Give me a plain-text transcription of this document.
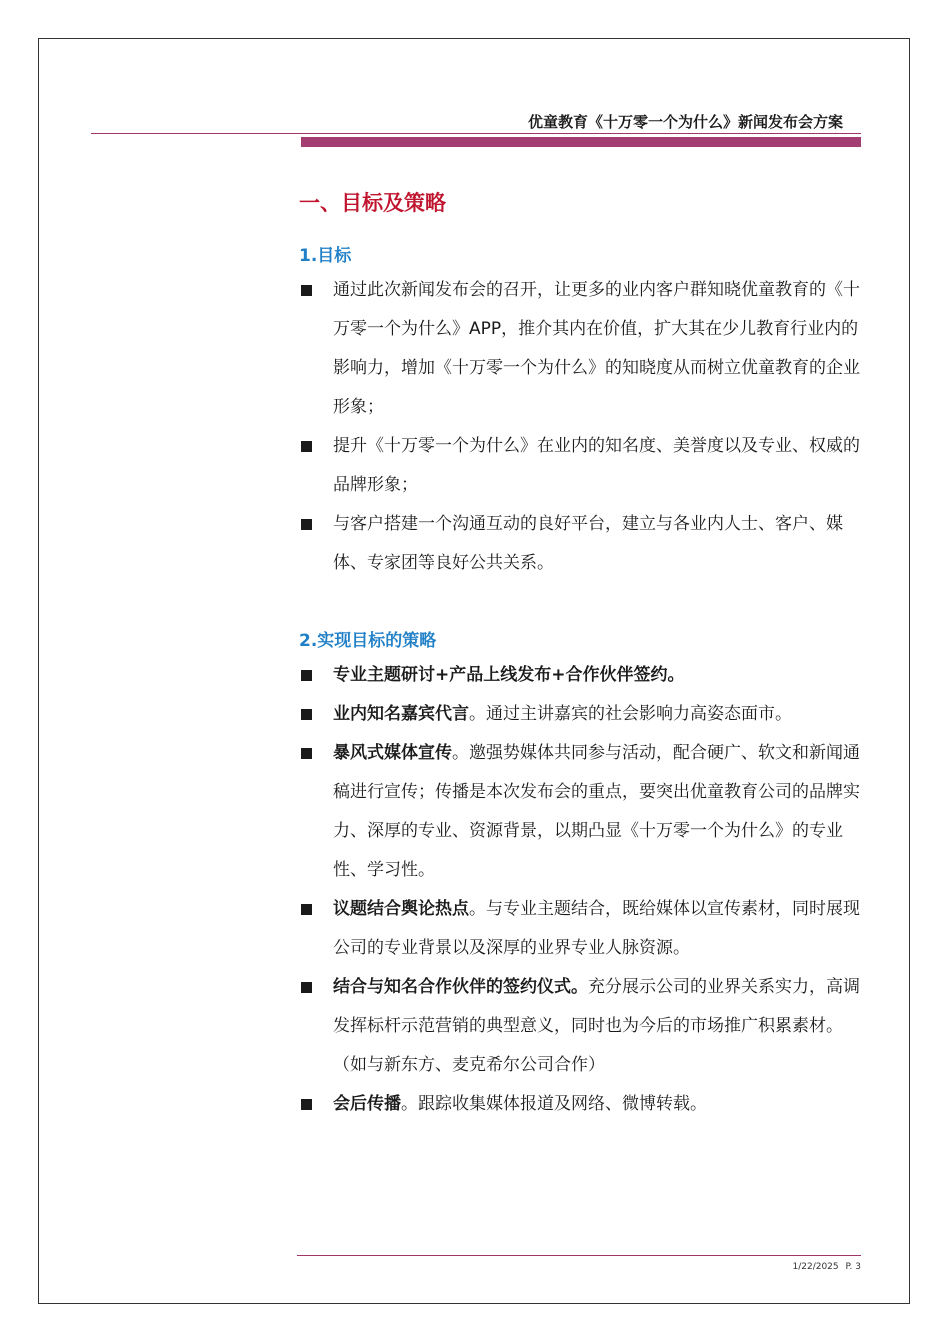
优童教育《十万零一个为什么》新闻发布会方案
一、目标及策略
1.目标
通过此次新闻发布会的召开，让更多的业内客户群知晓优童教育的《十万零一个为什么》APP，推介其内在价值，扩大其在少儿教育行业内的影响力，增加《十万零一个为什么》的知晓度从而树立优童教育的企业形象；
提升《十万零一个为什么》在业内的知名度、美誉度以及专业、权威的品牌形象；
与客户搭建一个沟通互动的良好平台，建立与各业内人士、客户、媒体、专家团等良好公共关系。
2.实现目标的策略
专业主题研讨+产品上线发布+合作伙伴签约。
业内知名嘉宾代言。通过主讲嘉宾的社会影响力高姿态面市。
暴风式媒体宣传。邀强势媒体共同参与活动，配合硬广、软文和新闻通稿进行宣传；传播是本次发布会的重点，要突出优童教育公司的品牌实力、深厚的专业、资源背景，以期凸显《十万零一个为什么》的专业性、学习性。
议题结合舆论热点。与专业主题结合，既给媒体以宣传素材，同时展现公司的专业背景以及深厚的业界专业人脉资源。
结合与知名合作伙伴的签约仪式。充分展示公司的业界关系实力，高调发挥标杆示范营销的典型意义，同时也为今后的市场推广积累素材。（如与新东方、麦克希尔公司合作）
会后传播。跟踪收集媒体报道及网络、微博转载。
1/22/2025 P. 3
